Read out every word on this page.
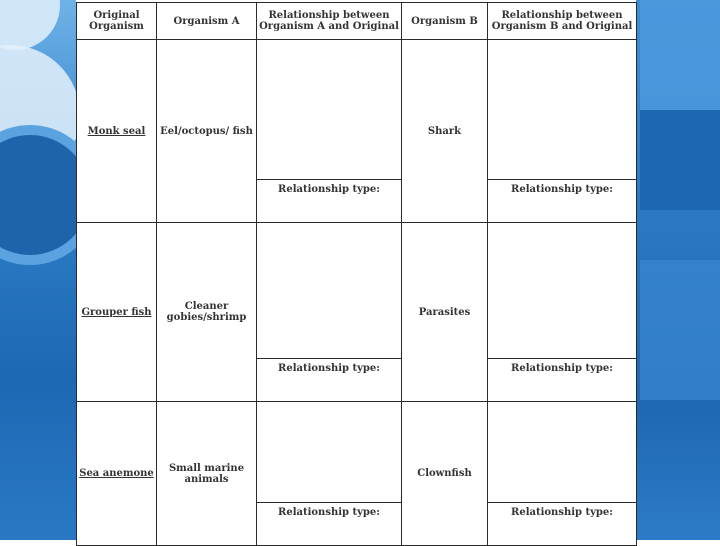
Original Organism	Organism A	Relationship between Organism A and Original	Organism B	Relationship between Organism B and Original
Monk seal	Eel/octopus/ fish		Shark	
		Relationship type:		Relationship type:
Grouper fish	Cleaner gobies/shrimp		Parasites	
		Relationship type:		Relationship type:
Sea anemone	Small marine animals		Clownfish	
		Relationship type:		Relationship type:
